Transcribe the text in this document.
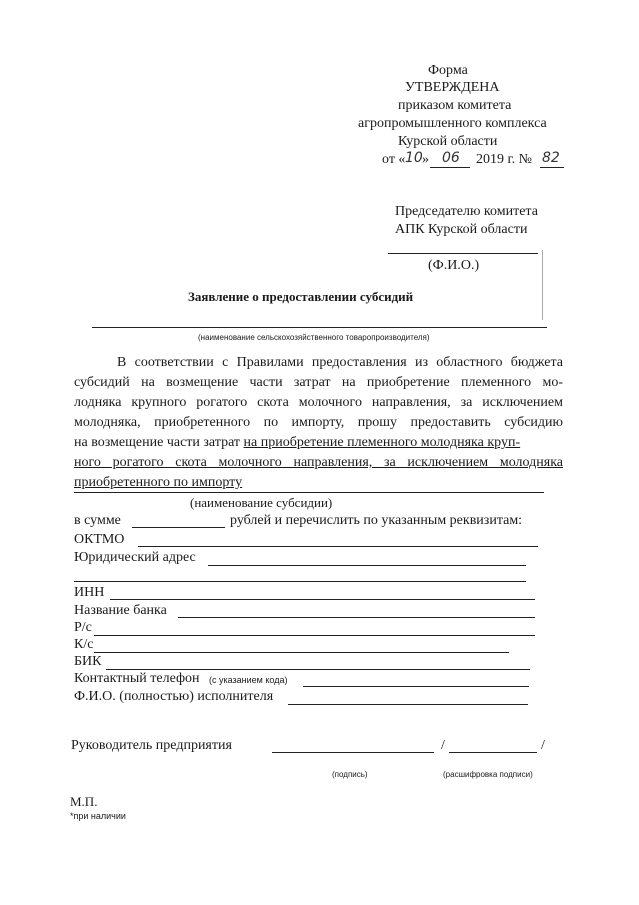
Форма
УТВЕРЖДЕНА
приказом комитета
агропромышленного комплекса
Курской области
от « 10 » 06 2019 г. № 82
Председателю комитета
АПК Курской области
(Ф.И.О.)
Заявление о предоставлении субсидий
(наименование сельскохозяйственного товаропроизводителя)
В соответствии с Правилами предоставления из областного бюджета
субсидий на возмещение части затрат на приобретение племенного мо-
лодняка крупного рогатого скота молочного направления, за исключением
молодняка, приобретенного по импорту, прошу предоставить субсидию
на возмещение части затрат на приобретение племенного молодняка круп-
ного рогатого скота молочного направления, за исключением молодняка
приобретенного по импорту
(наименование субсидии)
в сумме	рублей и перечислить по указанным реквизитам:
ОКТМО
Юридический адрес
ИНН
Название банка
Р/с
К/с
БИК
Контактный телефон (с указанием кода)
Ф.И.О. (полностью) исполнителя
Руководитель предприятия	/	/
(подпись)	(расшифровка подписи)
М.П.
*при наличии
